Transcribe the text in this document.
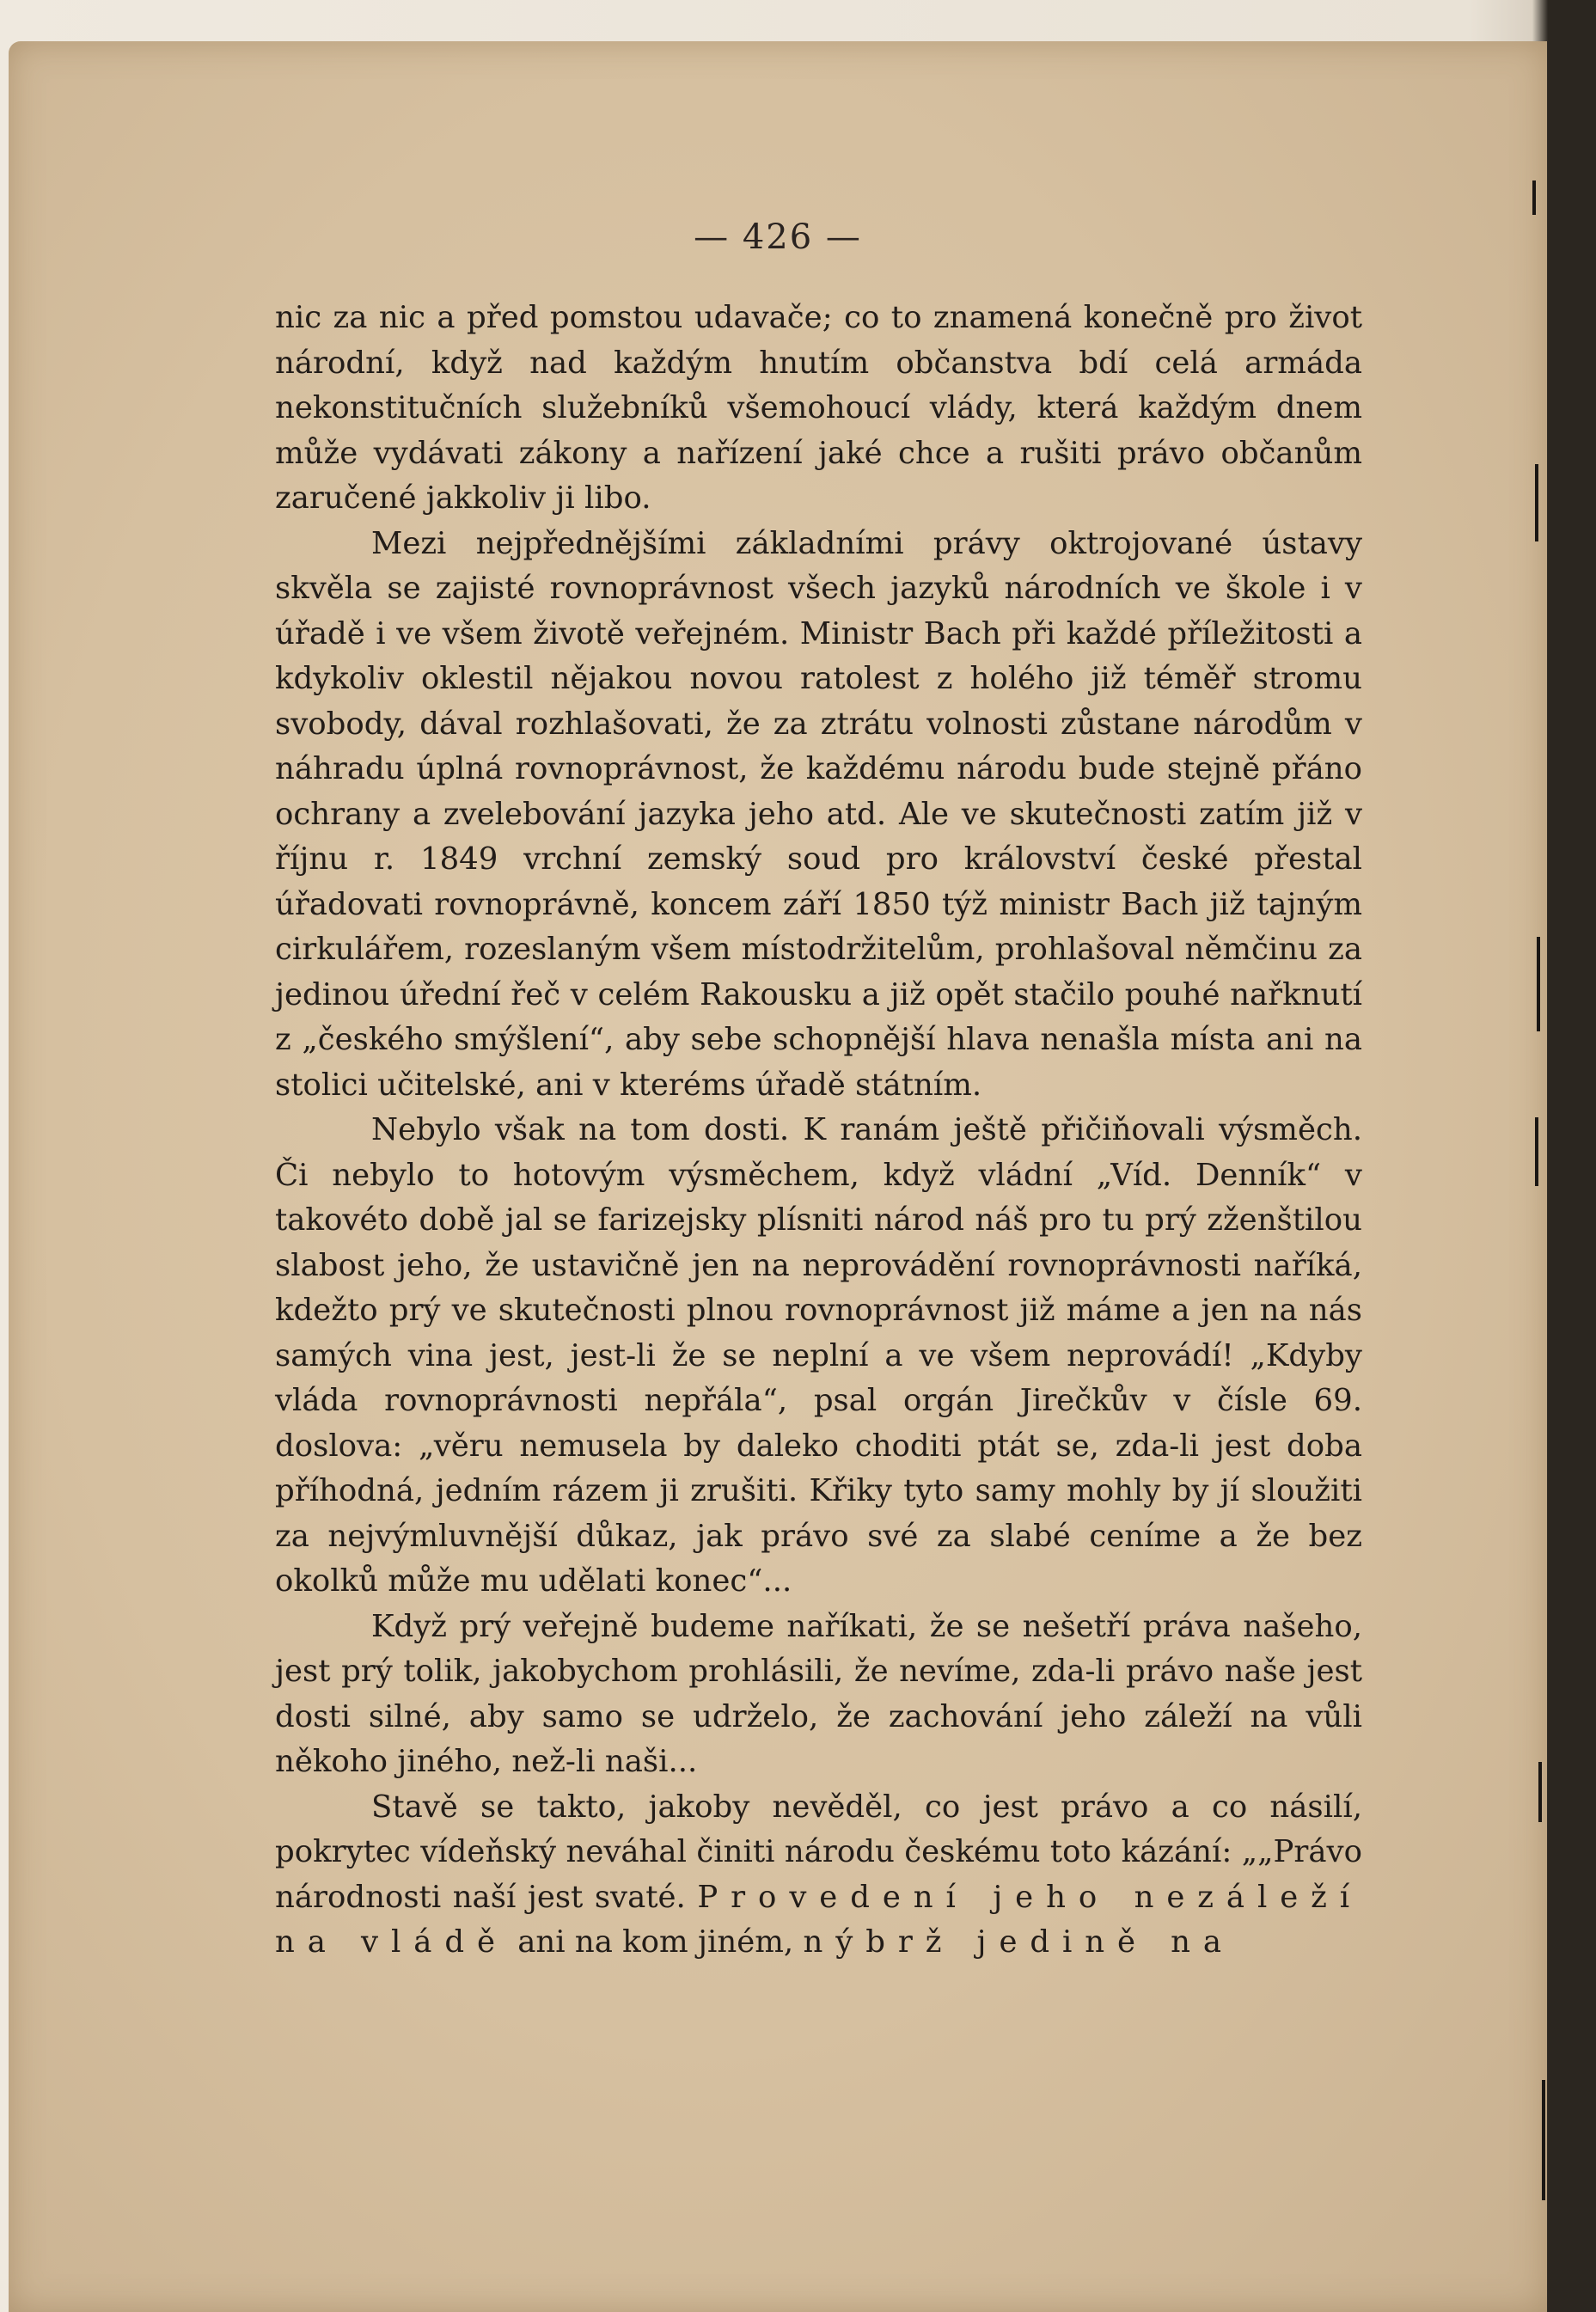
— 426 —

nic za nic a před pomstou udavače; co to znamená konečně pro život národní, když nad každým hnutím občanstva bdí celá armáda nekonstitučních služebníků všemohoucí vlády, která každým dnem může vydávati zákony a nařízení jaké chce a rušiti právo občanům zaručené jakkoliv ji libo.

Mezi nejpřednějšími základními právy oktrojované ústavy skvěla se zajisté rovnoprávnost všech jazyků národních ve škole i v úřadě i ve všem životě veřejném. Ministr Bach při každé příležitosti a kdykoliv oklestil nějakou novou ratolest z holého již téměř stromu svobody, dával rozhlašovati, že za ztrátu volnosti zůstane národům v náhradu úplná rovnoprávnost, že každému národu bude stejně přáno ochrany a zvelebování jazyka jeho atd. Ale ve skutečnosti zatím již v říjnu r. 1849 vrchní zemský soud pro království české přestal úřadovati rovnoprávně, koncem září 1850 týž ministr Bach již tajným cirkulářem, rozeslaným všem místodržitelům, prohlašoval němčinu za jedinou úřední řeč v celém Rakousku a již opět stačilo pouhé nařknutí z „českého smýšlení“, aby sebe schopnější hlava nenašla místa ani na stolici učitelské, ani v kteréms úřadě státním.

Nebylo však na tom dosti. K ranám ještě přičiňovali výsměch. Či nebylo to hotovým výsměchem, když vládní „Víd. Denník“ v takovéto době jal se farizejsky plísniti národ náš pro tu prý zženštilou slabost jeho, že ustavičně jen na neprovádění rovnoprávnosti naříká, kdežto prý ve skutečnosti plnou rovnoprávnost již máme a jen na nás samých vina jest, jest-li že se neplní a ve všem neprovádí! „Kdyby vláda rovnoprávnosti nepřála“, psal orgán Jirečkův v čísle 69. doslova: „věru nemusela by daleko choditi ptát se, zda-li jest doba příhodná, jedním rázem ji zrušiti. Křiky tyto samy mohly by jí sloužiti za nejvýmluvnější důkaz, jak právo své za slabé ceníme a že bez okolků může mu udělati konec“...

Když prý veřejně budeme naříkati, že se nešetří práva našeho, jest prý tolik, jakobychom prohlásili, že nevíme, zda-li právo naše jest dosti silné, aby samo se udrželo, že zachování jeho záleží na vůli někoho jiného, než-li naši...

Stavě se takto, jakoby nevěděl, co jest právo a co násilí, pokrytec vídeňský neváhal činiti národu českému toto kázání: „„Právo národnosti naší jest svaté. Provedení jeho nezáleží na vládě ani na kom jiném, nýbrž jedině na
